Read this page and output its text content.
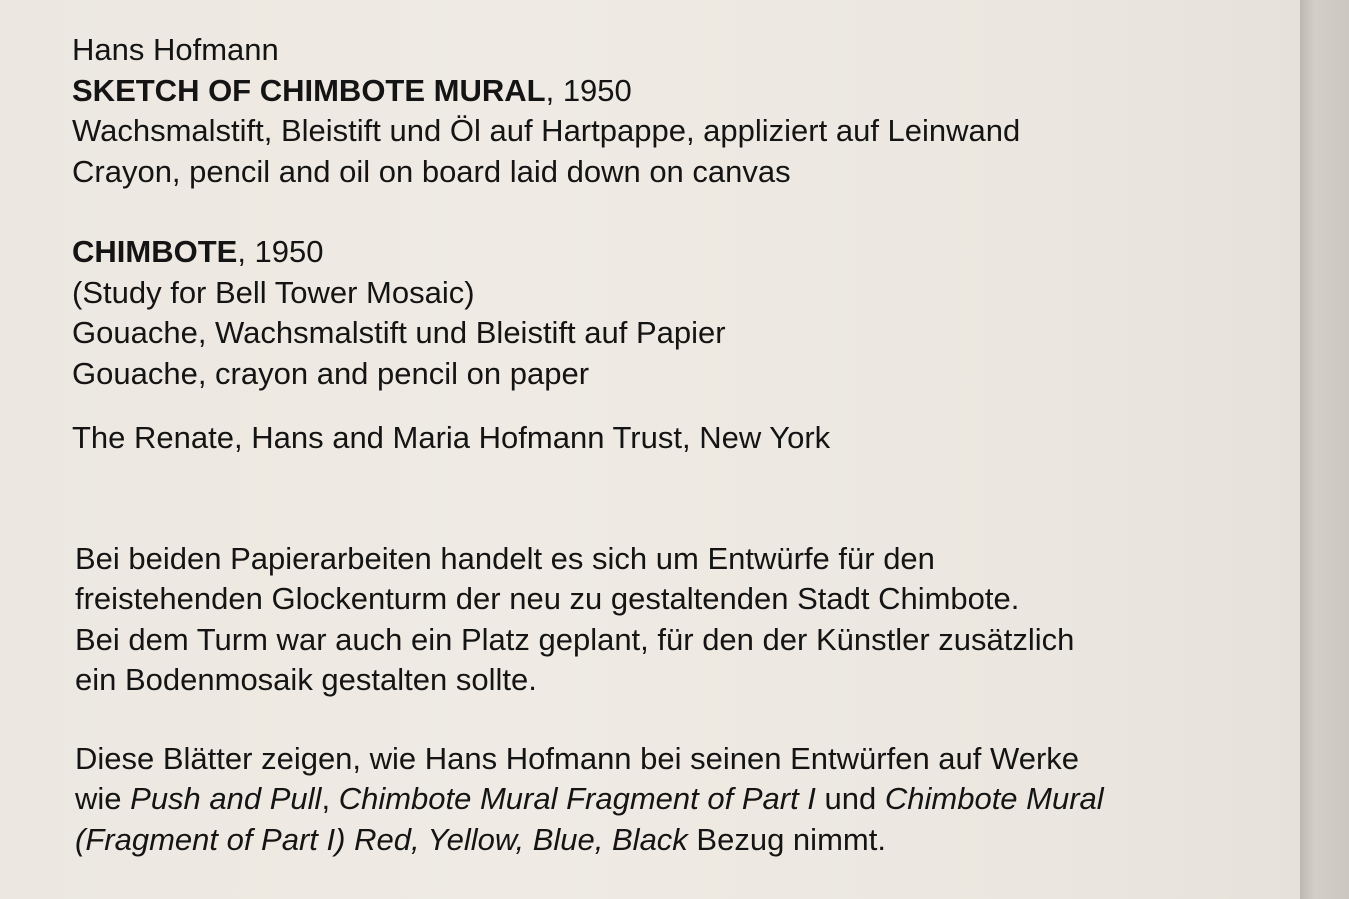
Hans Hofmann
SKETCH OF CHIMBOTE MURAL, 1950
Wachsmalstift, Bleistift und Öl auf Hartpappe, appliziert auf Leinwand
Crayon, pencil and oil on board laid down on canvas
CHIMBOTE, 1950
(Study for Bell Tower Mosaic)
Gouache, Wachsmalstift und Bleistift auf Papier
Gouache, crayon and pencil on paper
The Renate, Hans and Maria Hofmann Trust, New York
Bei beiden Papierarbeiten handelt es sich um Entwürfe für den
freistehenden Glockenturm der neu zu gestaltenden Stadt Chimbote.
Bei dem Turm war auch ein Platz geplant, für den der Künstler zusätzlich
ein Bodenmosaik gestalten sollte.
Diese Blätter zeigen, wie Hans Hofmann bei seinen Entwürfen auf Werke
wie Push and Pull, Chimbote Mural Fragment of Part I und Chimbote Mural
(Fragment of Part I) Red, Yellow, Blue, Black Bezug nimmt.
